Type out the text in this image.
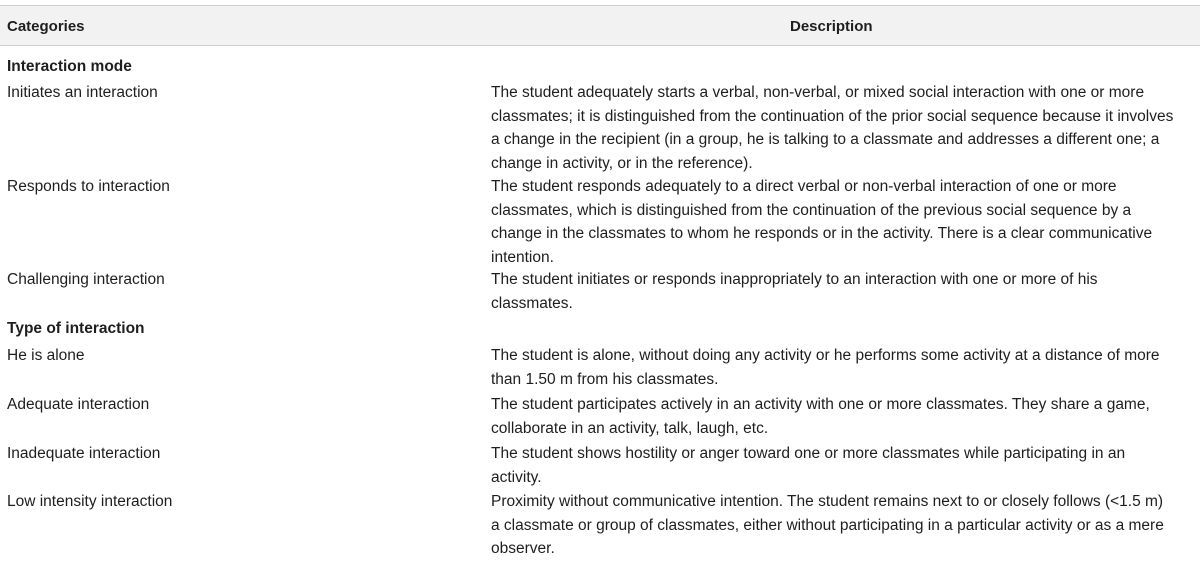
Categories	Description
Interaction mode
Initiates an interaction	The student adequately starts a verbal, non-verbal, or mixed social interaction with one or more
classmates; it is distinguished from the continuation of the prior social sequence because it involves
a change in the recipient (in a group, he is talking to a classmate and addresses a different one; a
change in activity, or in the reference).
Responds to interaction	The student responds adequately to a direct verbal or non-verbal interaction of one or more
classmates, which is distinguished from the continuation of the previous social sequence by a
change in the classmates to whom he responds or in the activity. There is a clear communicative
intention.
Challenging interaction	The student initiates or responds inappropriately to an interaction with one or more of his
classmates.
Type of interaction
He is alone	The student is alone, without doing any activity or he performs some activity at a distance of more
than 1.50 m from his classmates.
Adequate interaction	The student participates actively in an activity with one or more classmates. They share a game,
collaborate in an activity, talk, laugh, etc.
Inadequate interaction	The student shows hostility or anger toward one or more classmates while participating in an
activity.
Low intensity interaction	Proximity without communicative intention. The student remains next to or closely follows (<1.5 m)
a classmate or group of classmates, either without participating in a particular activity or as a mere
observer.
